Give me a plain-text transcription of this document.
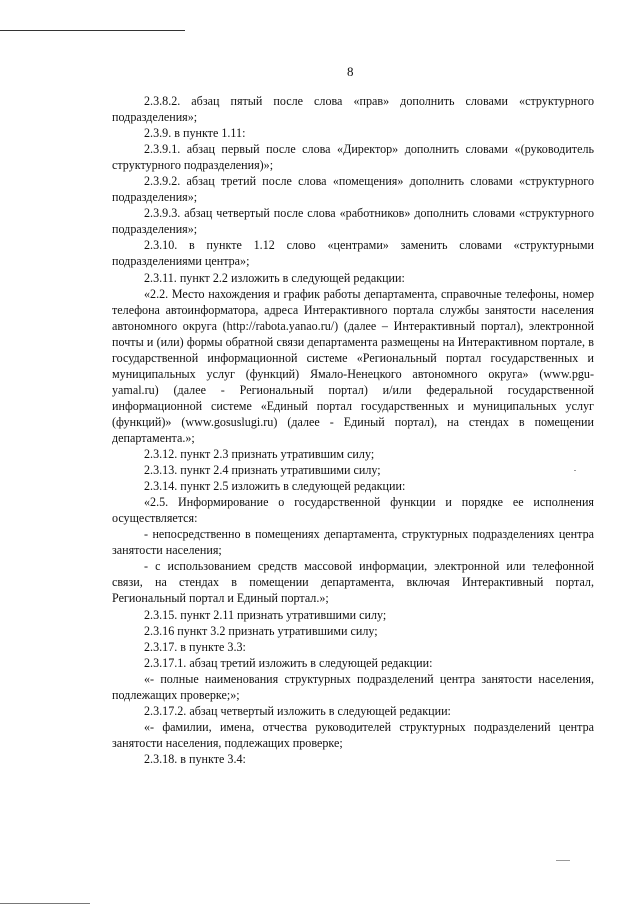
8

2.3.8.2. абзац пятый после слова «прав» дополнить словами «структурного подразделения»;

2.3.9. в пункте 1.11:

2.3.9.1. абзац первый после слова «Директор» дополнить словами «(руководитель структурного подразделения)»;

2.3.9.2. абзац третий после слова «помещения» дополнить словами «структурного подразделения»;

2.3.9.3. абзац четвертый после слова «работников» дополнить словами «структурного подразделения»;

2.3.10. в пункте 1.12 слово «центрами» заменить словами «структурными подразделениями центра»;

2.3.11. пункт 2.2 изложить в следующей редакции:

«2.2. Место нахождения и график работы департамента, справочные телефоны, номер телефона автоинформатора, адреса Интерактивного портала службы занятости населения автономного округа (http://rabota.yanao.ru/) (далее – Интерактивный портал), электронной почты и (или) формы обратной связи департамента размещены на Интерактивном портале, в государственной информационной системе «Региональный портал государственных и муниципальных услуг (функций) Ямало-Ненецкого автономного округа» (www.pgu-yamal.ru) (далее - Региональный портал) и/или федеральной государственной информационной системе «Единый портал государственных и муниципальных услуг (функций)» (www.gosuslugi.ru) (далее - Единый портал), на стендах в помещении департамента.»;

2.3.12. пункт 2.3 признать утратившим силу;

2.3.13. пункт 2.4 признать утратившими силу;

2.3.14. пункт 2.5 изложить в следующей редакции:

«2.5. Информирование о государственной функции и порядке ее исполнения осуществляется:

- непосредственно в помещениях департамента, структурных подразделениях центра занятости населения;

- с использованием средств массовой информации, электронной или телефонной связи, на стендах в помещении департамента, включая Интерактивный портал, Региональный портал и Единый портал.»;

2.3.15. пункт 2.11 признать утратившими силу;

2.3.16 пункт 3.2 признать утратившими силу;

2.3.17. в пункте 3.3:

2.3.17.1. абзац третий изложить в следующей редакции:

«- полные наименования структурных подразделений центра занятости населения, подлежащих проверке;»;

2.3.17.2. абзац четвертый изложить в следующей редакции:

«- фамилии, имена, отчества руководителей структурных подразделений центра занятости населения, подлежащих проверке;

2.3.18. в пункте 3.4:
